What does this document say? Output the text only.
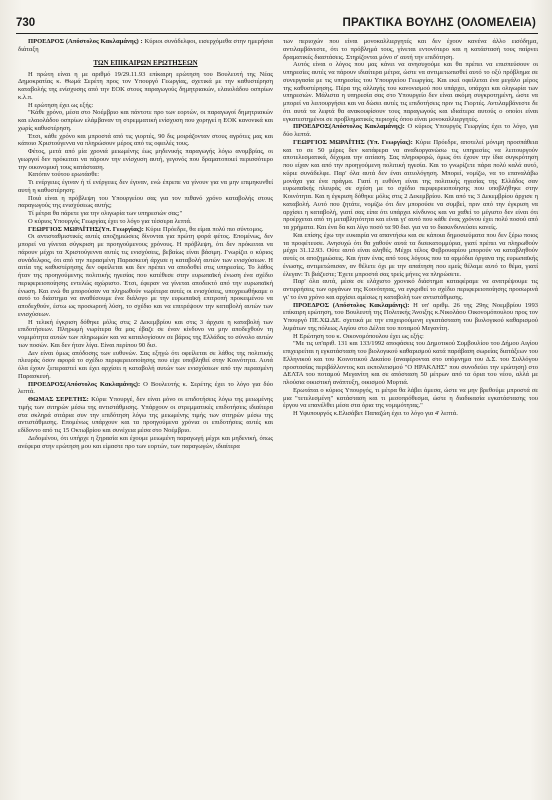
730	ΠΡΑΚΤΙΚΑ ΒΟΥΛΗΣ (ΟΛΟΜΕΛΕΙΑ)

ΠΡΟΕΔΡΟΣ (Απόστολος Κακλαμάνης) : Κύριοι συνάδελφοι, εισερχόμεθα στην ημερήσια διάταξη

ΤΩΝ ΕΠΙΚΑΙΡΩΝ ΕΡΩΤΗΣΕΩΝ

Η πρώτη είναι η με αριθμό 19/29.11.93 επίκαιρη ερώτηση του Βουλευτή της Νέας Δημοκρατίας κ. Θωμά Σερέτη προς τον Υπουργό Γεωργίας, σχετικά με την καθυστέρηση καταβολής της ενίσχυσης από την ΕΟΚ στους παραγωγούς δημητριακών, ελαιολάδου οσπρίων κ.λ.π.

Η ερώτηση έχει ως εξής:

"Κάθε χρόνο, μέσα στο Νοέμβριο και πάντοτε προ των εορτών, οι παραγωγοί δημητριακών και ελαιολάδου οσπρίων ελάμβαναν τη στρεμματική ενίσχυση που χορηγεί η ΕΟΚ κανονικά και χωρίς καθυστέρηση.

Έτσι, κάθε χρόνο και μπροστά από τις γιορτές, 90 δις μοιράζονταν στους αγρότες μας και κάποιο Χριστούγεννα να πληρώσουν μέρος από τις οφειλές τους.

Φέτος, μετά από μία χρονιά μειωμένης έως μηδενικής παραγωγής λόγω ανομβρίας, οι γεωργοί δεν πρόκειται να πάρουν την ενίσχυση αυτή, γεγονός που δραματοποιεί περισσότερο την οικονομική τους κατάσταση.

Κατόπιν τούτου ερωτάσθε:

Τι ενέργειες έγιναν ή τί ενέργειες δεν έγιναν, ενώ έπρεπε να γίνουν για να μην επιμηκυνθεί αυτή η καθυστέρηση;

Ποιά είναι η πρόβλεψη του Υπουργείου σας για τον πιθανό χρόνο καταβολής στους παραγωγούς της ενισχύσεως αυτής;

Τί μέτρα θα πάρετε για την ολιγωρία των υπηρεσιών σας;"

Ο κύριος Υπουργός Γεωργίας έχει το λόγο για τέσσερα λεπτά.

ΓΕΩΡΓΙΟΣ ΜΩΡΑΪΤΗΣ(Υπ. Γεωργίας): Κύριε Πρόεδρε, θα είμαι πολύ πιο σύντομος.

Οι αντισταθμιστικές αυτές αποζημιώσεις δίνονται για πρώτη φορά φέτος. Επομένως, δεν μπορεί να γίνεται σύγκριση με προηγούμενους χρόνους. Η πρόβλεψη, ότι δεν πρόκειται να πάρουν μέχρι τα Χριστούγεννα αυτές τις ενισχύσεις, βεβαίως είναι βάσιμη. Γνωρίζει ο κύριος συνάδελφος, ότι από την περασμένη Παρασκευή άρχισε η καταβολή αυτών των ενισχύσεων. Η αιτία της καθυστέρησης δεν οφείλεται και δεν πρέπει να αποδοθεί στις υπηρεσίες. Το λάθος ήταν της προηγούμενης πολιτικής ηγεσίας που κατέθεσε στην ευρωπαϊκή ένωση ένα σχέδιο περιφερειοποίησης εντελώς αχώριστο. Έτσι, έφεραν να γίνεται αποδεκτό από την ευρωπαϊκή ένωση. Και ενώ θα μπορούσαν να πληρωθούν νωρίτερα αυτές οι ενισχύσεις, υποχρεωθήκαμε ο αυτό το διάστημα να αναθέσουμε ένα διάλογο με την ευρωπαϊκή επιτροπή προκειμένου να αποδεχθούν, έστω ως προσωρινή λύση, το σχέδιο και να επιτρέψουν την καταβολή αυτών των ενισχύσεων.

Η τελική έγκριση δόθηκε μόλις στις 2 Δεκεμβρίου και στις 3 άρχισε η καταβολή των επιδοτήσεων. Πληρωμή νωρίτερα θα μας έβαζε σε έναν κίνδυνο να μην αποδεχθούν τη νομιμότητα αυτών των πληρωμών και να καταλογίσουν σε βάρος της Ελλάδας το σύνολο αυτών των ποσών. Και δεν ήταν λίγα. Είναι περίπου 90 δισ.

Δεν είναι όμως απόδοσης των ευθυνών. Σας εξηγώ ότι οφείλεται σε λάθος της πολιτικής πλευράς όσον αφορά το σχέδιο περιφερειοποίησης που είχε υποβληθεί στην Κοινότητα. Αυτά όλα έχουν ξεπεραστεί και έχει αρχίσει η καταβολή αυτών των ενισχύσεων από την περασμένη Παρασκευή.

ΠΡΟΕΔΡΟΣ(Απόστολος Κακλαμάνης): Ο Βουλευτής κ. Σερέτης έχει το λόγο για δύο λεπτά.

ΘΩΜΑΣ ΣΕΡΕΤΗΣ: Κύριε Υπουργέ, δεν είναι μόνο οι επιδοτήσεις λόγω της μειωμένης τιμής των σιτηρών μέσω της αντιστάθμισης. Υπάρχουν οι στρεμματικές επιδοτήσεις ιδιαίτερα στα σκληρά σιτάρια συν την επιδότηση λόγω της μειωμένης τιμής των σιτηρών μέσω της αντιστάθμισης. Επομένως υπάρχουν και τα προηγούμενα χρόνια οι επιδοτήσεις αυτές και εδίδοντο από τις 15 Οκτωβρίου και συνέχεια μέσα στο Νοέμβριο.

Δεδομένου, ότι υπήρχε η ξηρασία και έχουμε μειωμένη παραγωγή μέχρι και μηδενική, όπως ανέφερα στην ερώτηση μου και είμαστε προ των εορτών, των παραγωγών, ιδιαίτερα

των περιοχών που είναι μονοκαλλιεργητές και δεν έχουν κανένα άλλο εισόδημα, αντιλαμβάνεστε, ότι το πρόβλημά τους, γίνεται εντονότερο και η κατάστασή τους παίρνει δραματικές διαστάσεις. Στηρίζονται μόνο σ' αυτή την επιδότηση.

Αυτός είναι ο λόγος που μας κάνει να ανησυχούμε και θα πρέπει να επισπεύσουν οι υπηρεσίες αυτές να πάρουν ιδιαίτερα μέτρα, ώστε να αντιμετωπισθεί αυτό το οξύ πρόβλημα σε συνεργασία με τις υπηρεσίες του Υπουργείου Γεωργίας. Και εκεί οφείλεται ένα μεγάλο μέρος της καθυστέρησης. Πέρα της αλλαγής του κανονισμού που υπάρχει, υπάρχει και ολιγωρία των υπηρεσιών. Μάλιστα η υπηρεσία σας στο Υπουργείο δεν είναι ακόμη συγκροτημένη, ώστε να μπορεί να λειτουργήσει και να δώσει αυτές τις επιδοτήσεις πριν τις Γιορτές. Αντιλαμβάνεστε δε ότι αυτά τα λεφτά θα ανακουφίσουν τους παραγωγούς και ιδιαίτερα αυτούς ο οποίοι είναι εγκατεστημένοι σε προβληματικές περιοχές όπου είναι μονοκαλλιεργητές.

ΠΡΟΕΔΡΟΣ(Απόστολος Κακλαμάνης): Ο κύριος Υπουργός Γεωργίας έχει το λόγο, για δύο λεπτά.

ΓΕΩΡΓΙΟΣ ΜΩΡΑΪΤΗΣ (Υπ. Γεωργίας): Κύριε Πρόεδρε, αποτελεί μόνιμη προσπάθεια και το σε 50 μέρες δεν κατάφερα να αναδιοργανώσω τις υπηρεσίες να λειτουργούν αποτελεσματικά, δέχομαι την αιτίαση. Σας πληροφορώ, όμως ότι έχουν την ίδια συγκρότηση που είχαν και από την προηγούμενη πολιτική ηγεσία. Και το γνωρίζετε πάρα πολύ καλά αυτό, κύριε συνάδελφε. Παρ' όλα αυτά δεν έναι αιτιολόγηση. Μπορεί, νομίζω, να το επαναλάβω μονάχα για ένα πράγμα. Γιατί η ευθύνη είναι της πολιτικής ηγεσίας της Ελλάδος σαν ευρωπαϊκής πλευράς σε σχέση με το σχέδιο περιφερειοποίησης που υποβλήθηκε στην Κοινότητα. Και η έγκριση δόθηκε μόλις στις 2 Δεκεμβρίου. Και από τις 3 Δεκεμβρίου άρχισε η καταβολή. Αυτό που ζητάτε, νομίζω ότι δεν μπορούσε να συμβεί, πριν από την έγκριση να αρχίσει η καταβολή, γιατί σας είπα ότι υπάρχει κίνδυνος και να χαθεί το μέγιστο δεν είναι ότι προέρχεται από τη μεταβλητότητα και είναι γι' αυτό που κάθε ένας χρόνου έχει πολύ ποσού από τα χρήματα. Και ένα δα και λίγο ποσό τα 90 δισ. για να το διακινδυνεύσει κανείς.

Και επίσης έχω την ευκαιρία να απαντήσω και σε κάποια δημοσιεύματα που δεν ξέρω ποιος τα προφέτευσε. Ανησυχώ ότι θα χαθούν αυτά τα δισεκατομμύρια, γιατί πρέπει να πληρωθούν μέχρι 31.12.93. Ούτε αυτό είναι αληθές. Μέχρι τέλος Φεβρουαρίου μπορούν να καταβληθούν αυτές οι αποζημιώσεις. Και ήταν ένας από τους λόγους που τα αρμόδια όργανα της ευρωπαϊκής ένωσης, αντιμετώπισαν, αν θέλετε όχι με την απαίτηση που εμείς θέλαμε αυτό το θέμα, γιατί έλεγαν: Τι βιάζεστε; Έχετε μπροστά σας τρείς μήνες να πληρώσετε.

Παρ' όλα αυτά, μέσα σε ελάχιστο χρονικό διάστημα καταφέραμε να ανατρέψουμε τις αντιρρήσεις των οργάνων της Κοινότητας, να εγκριθεί το σχέδιο περιφερειοποίησης προσωρινά γι' το ένα χρόνο και αρχίσει αμέσως η καταβολή των αντιστάθμισης.

ΠΡΟΕΔΡΟΣ (Απόστολος Κακλαμάνης): Η υπ' αριθμ. 26 της 29ης Νοεμβρίου 1993 επίκαιρη ερώτηση, του Βουλευτή της Πολιτικής Άνοιξης κ.Νικολάου Οικονομόπουλου προς τον Υπουργό ΠΕ.ΧΩ.ΔΕ. σχετικά με την επιχειρούμενη εγκατάσταση του βιολογικού καθαρισμού λυμάτων της πόλεως Αιγίου στο Δέλτα του ποταμού Μεγανίτη.

Η Ερώτηση του κ. Οικονομόπουλου έχει ως εξής:

"Με τις υπ'αριθ. 131 και 133/1992 αποφάσεις του Δημοτικού Συμβουλίου του Δήμου Αιγίου επιχειρείται η εγκατάσταση του βιολογικού καθαρισμού κατά παράβαση σωρείας διατάξεων του Ελληνικού και του Κοινοτικού Δικαίου (αναφέρονται στο υπόμνημα του Δ.Σ. του Συλλόγου προστασίας περιβάλλοντος και εκπολιτισμού "Ο ΗΡΑΚΛΗΣ" που συνοδεύει την ερώτηση) στο ΔΕΛΤΑ του ποταμού Μεγανίτη και σε απόσταση 50 μέτρων από τα όρια του νέου, αλλά με πλούσια οικιστική ανάπτυξη, οικισμού Μυρτιά.

Ερωτάται ο κύριος Υπουργός, τι μέτρα θα λάβει άμεσα, ώστε να μην βρεθούμε μπροστά σε μια "τετελεσμένη" κατάσταση και τι μεσοπρόθεσμα, ώστε η διαδικασία εγκατάστασης του έργου να επανέλθει μέσα στα όρια της νομιμότητας."

Η Υφυπουργός κ.Ελισάβετ Παπαζώη έχει το λόγο για 4' λεπτά.
